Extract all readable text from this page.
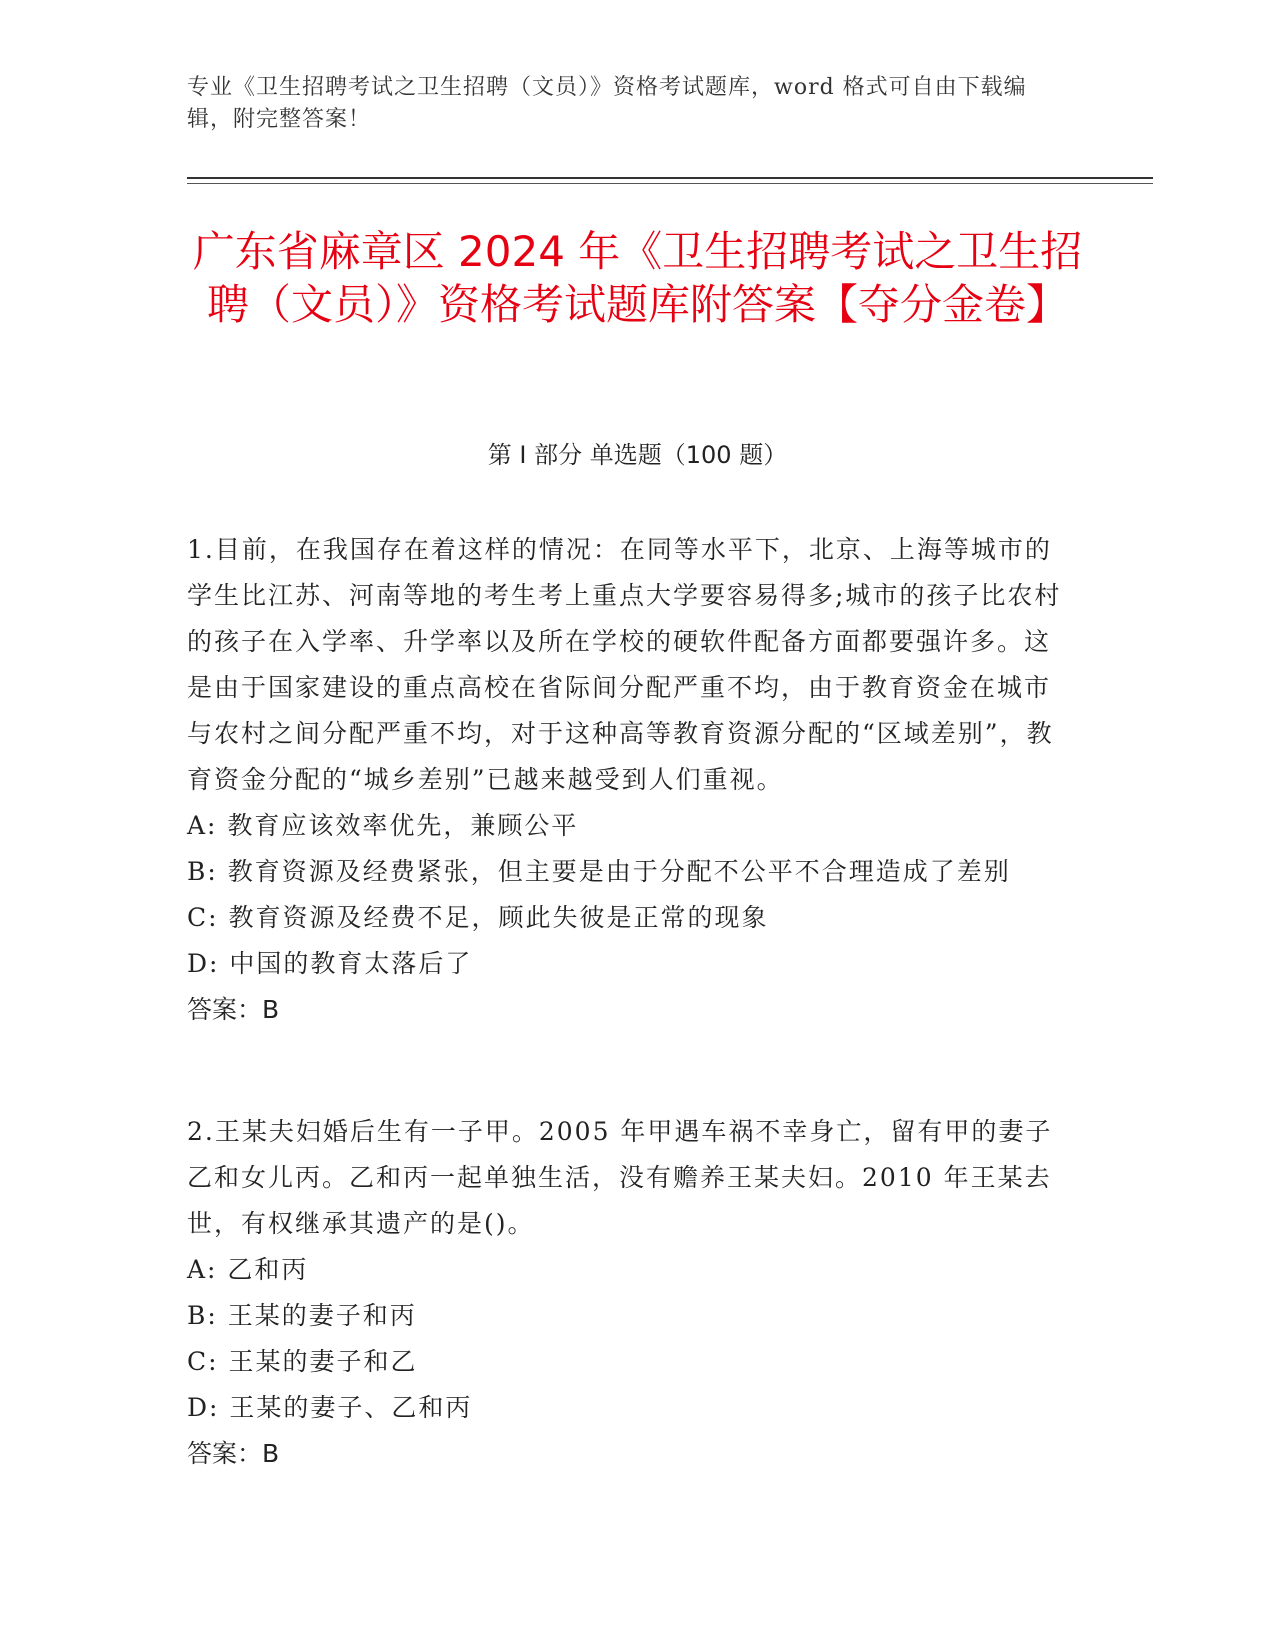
专业《卫生招聘考试之卫生招聘（文员）》资格考试题库，word 格式可自由下载编辑，附完整答案！
广东省麻章区 2024 年《卫生招聘考试之卫生招聘（文员）》资格考试题库附答案【夺分金卷】
第 I 部分 单选题（100 题）

1.目前，在我国存在着这样的情况：在同等水平下，北京、上海等城市的学生比江苏、河南等地的考生考上重点大学要容易得多;城市的孩子比农村的孩子在入学率、升学率以及所在学校的硬软件配备方面都要强许多。这是由于国家建设的重点高校在省际间分配严重不均，由于教育资金在城市与农村之间分配严重不均，对于这种高等教育资源分配的“区域差别”，教育资金分配的“城乡差别”已越来越受到人们重视。

A: 教育应该效率优先，兼顾公平

B: 教育资源及经费紧张，但主要是由于分配不公平不合理造成了差别

C: 教育资源及经费不足，顾此失彼是正常的现象

D: 中国的教育太落后了

答案：B

2.王某夫妇婚后生有一子甲。2005 年甲遇车祸不幸身亡，留有甲的妻子乙和女儿丙。乙和丙一起单独生活，没有赡养王某夫妇。2010 年王某去世，有权继承其遗产的是()。

A: 乙和丙

B: 王某的妻子和丙

C: 王某的妻子和乙

D: 王某的妻子、乙和丙

答案：B
